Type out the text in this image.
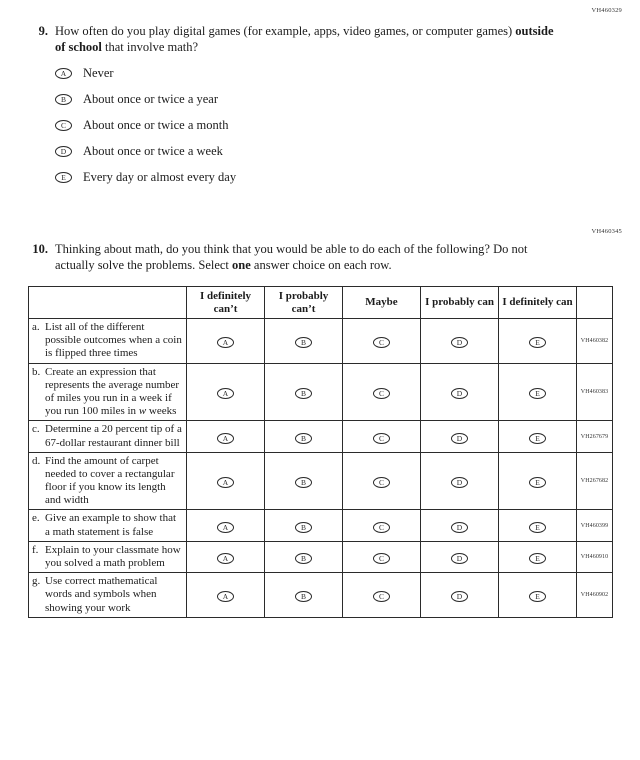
VH460329
VH460345
9. How often do you play digital games (for example, apps, video games, or computer games) outside of school that involve math?

A	Never
B	About once or twice a year
C	About once or twice a month
D	About once or twice a week
E	Every day or almost every day
10. Thinking about math, do you think that you would be able to do each of the following? Do not actually solve the problems. Select one answer choice on each row.

	I definitely can’t	I probably can’t	Maybe	I probably can	I definitely can	

a. List all of the different possible outcomes when a coin is flipped three times	A	B	C	D	E	VH460382

b. Create an expression that represents the average number of miles you run in a week if you run 100 miles in w weeks	A	B	C	D	E	VH460383

c. Determine a 20 percent tip of a 67-dollar restaurant dinner bill	A	B	C	D	E	VH267679

d. Find the amount of carpet needed to cover a rectangular floor if you know its length and width	A	B	C	D	E	VH267682

e. Give an example to show that a math statement is false	A	B	C	D	E	VH460399

f. Explain to your classmate how you solved a math problem	A	B	C	D	E	VH460910

g. Use correct mathematical words and symbols when showing your work	A	B	C	D	E	VH460902
